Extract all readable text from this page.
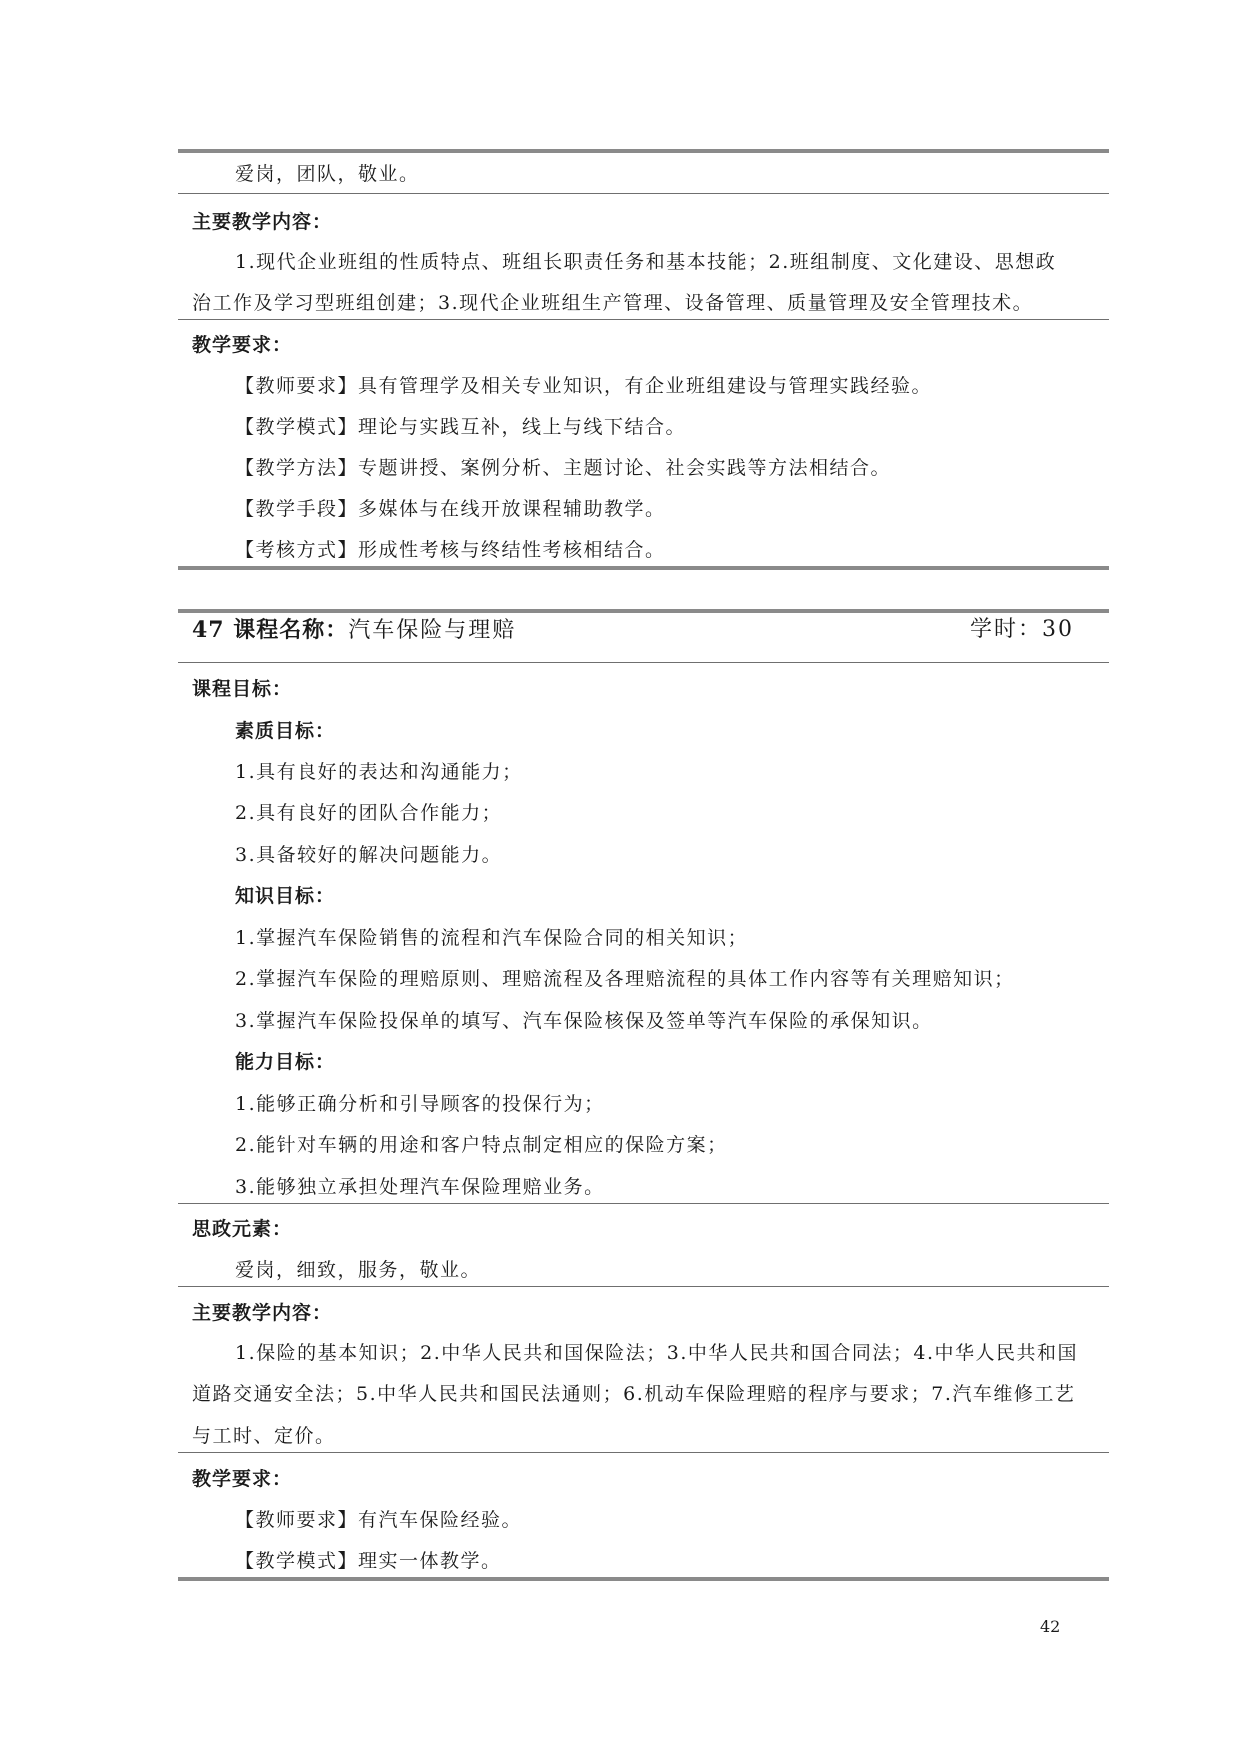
爱岗，团队，敬业。
主要教学内容：
1.现代企业班组的性质特点、班组长职责任务和基本技能；2.班组制度、文化建设、思想政
治工作及学习型班组创建；3.现代企业班组生产管理、设备管理、质量管理及安全管理技术。
教学要求：
【教师要求】具有管理学及相关专业知识，有企业班组建设与管理实践经验。
【教学模式】理论与实践互补，线上与线下结合。
【教学方法】专题讲授、案例分析、主题讨论、社会实践等方法相结合。
【教学手段】多媒体与在线开放课程辅助教学。
【考核方式】形成性考核与终结性考核相结合。
47 课程名称：汽车保险与理赔	学时：30
课程目标：
素质目标：
1.具有良好的表达和沟通能力；
2.具有良好的团队合作能力；
3.具备较好的解决问题能力。
知识目标：
1.掌握汽车保险销售的流程和汽车保险合同的相关知识；
2.掌握汽车保险的理赔原则、理赔流程及各理赔流程的具体工作内容等有关理赔知识；
3.掌握汽车保险投保单的填写、汽车保险核保及签单等汽车保险的承保知识。
能力目标：
1.能够正确分析和引导顾客的投保行为；
2.能针对车辆的用途和客户特点制定相应的保险方案；
3.能够独立承担处理汽车保险理赔业务。
思政元素：
爱岗，细致，服务，敬业。
主要教学内容：
1.保险的基本知识；2.中华人民共和国保险法；3.中华人民共和国合同法；4.中华人民共和国
道路交通安全法；5.中华人民共和国民法通则；6.机动车保险理赔的程序与要求；7.汽车维修工艺
与工时、定价。
教学要求：
【教师要求】有汽车保险经验。
【教学模式】理实一体教学。
42
